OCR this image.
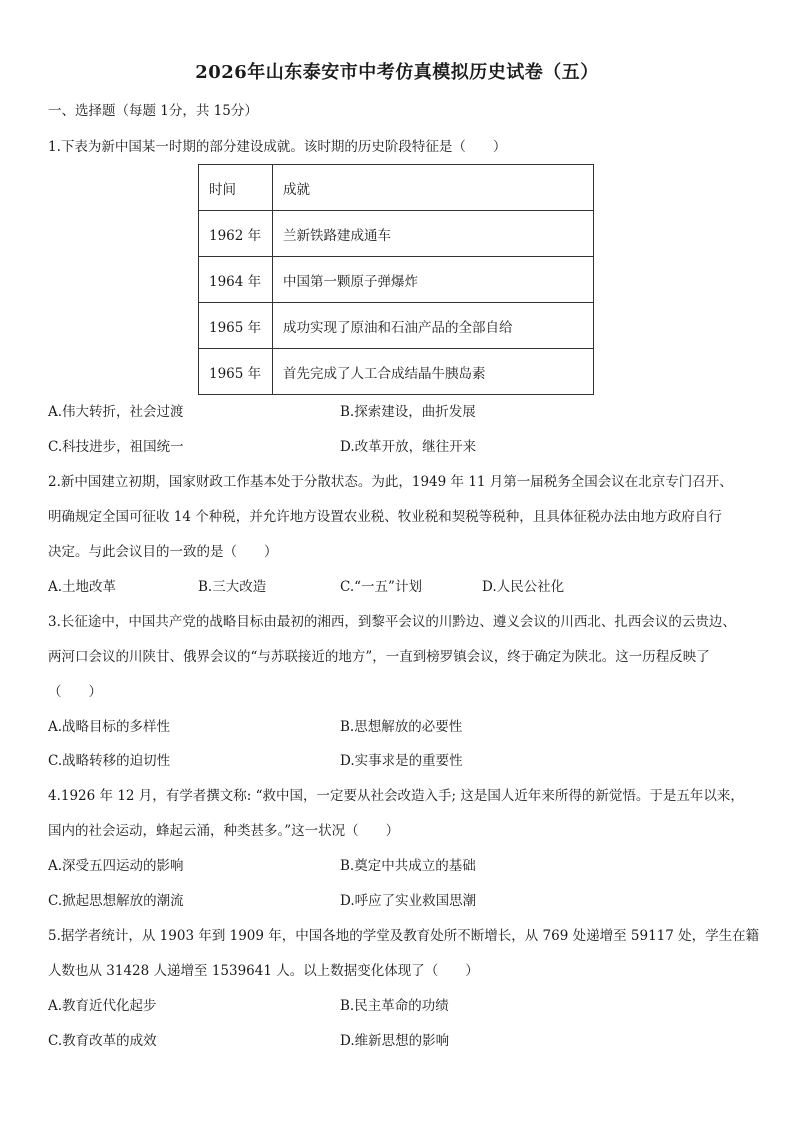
2026年山东泰安市中考仿真模拟历史试卷（五）
一、选择题（每题 1分，共 15分）
1.下表为新中国某一时期的部分建设成就。该时期的历史阶段特征是（　　）
时间	成就
1962 年	兰新铁路建成通车
1964 年	中国第一颗原子弹爆炸
1965 年	成功实现了原油和石油产品的全部自给
1965 年	首先完成了人工合成结晶牛胰岛素
A.伟大转折，社会过渡	B.探索建设，曲折发展
C.科技进步，祖国统一	D.改革开放，继往开来
2.新中国建立初期，国家财政工作基本处于分散状态。为此，1949 年 11 月第一届税务全国会议在北京专门召开、
明确规定全国可征收 14 个种税，并允许地方设置农业税、牧业税和契税等税种，且具体征税办法由地方政府自行
决定。与此会议目的一致的是（　　）
A.土地改革	B.三大改造	C.“一五”计划	D.人民公社化
3.长征途中，中国共产党的战略目标由最初的湘西，到黎平会议的川黔边、遵义会议的川西北、扎西会议的云贵边、
两河口会议的川陕甘、俄界会议的“与苏联接近的地方”，一直到榜罗镇会议，终于确定为陕北。这一历程反映了
（　　）
A.战略目标的多样性	B.思想解放的必要性
C.战略转移的迫切性	D.实事求是的重要性
4.1926 年 12 月，有学者撰文称: “救中国，一定要从社会改造入手; 这是国人近年来所得的新觉悟。于是五年以来，
国内的社会运动，蜂起云涌，种类甚多。”这一状况（　　）
A.深受五四运动的影响	B.奠定中共成立的基础
C.掀起思想解放的潮流	D.呼应了实业救国思潮
5.据学者统计，从 1903 年到 1909 年，中国各地的学堂及教育处所不断增长，从 769 处递增至 59117 处，学生在籍
人数也从 31428 人递增至 1539641 人。以上数据变化体现了（　　）
A.教育近代化起步	B.民主革命的功绩
C.教育改革的成效	D.维新思想的影响
